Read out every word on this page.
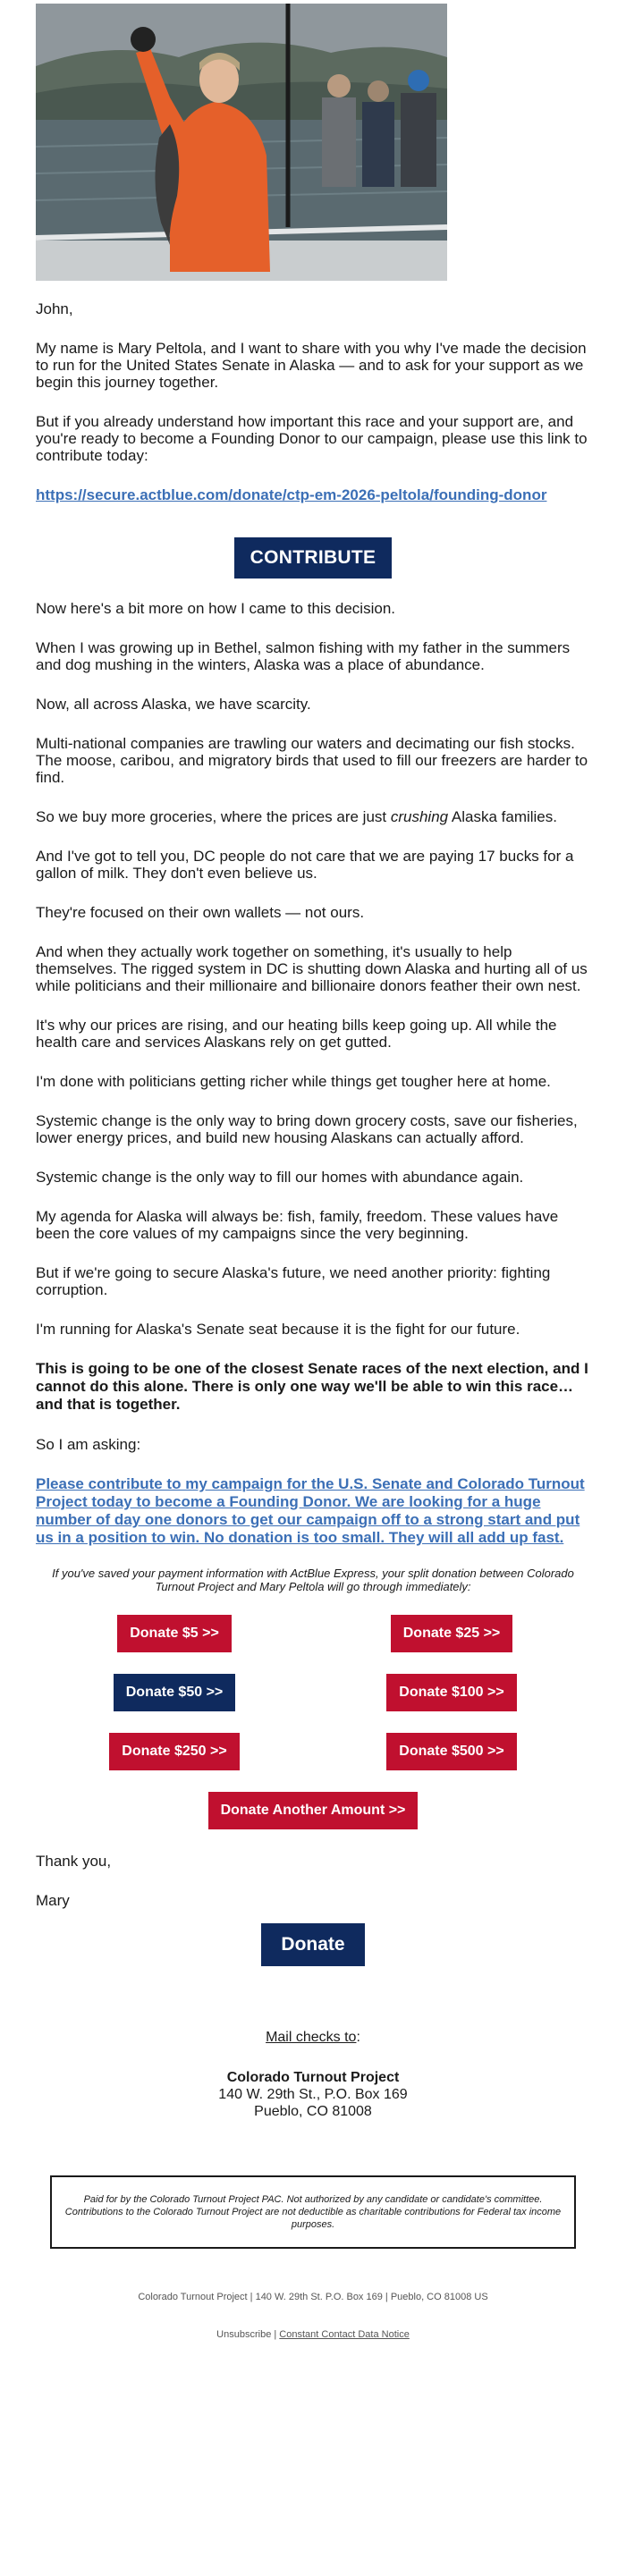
John,

My name is Mary Peltola, and I want to share with you why I've made the decision to run for the United States Senate in Alaska — and to ask for your support as we begin this journey together.

But if you already understand how important this race and your support are, and you're ready to become a Founding Donor to our campaign, please use this link to contribute today:

https://secure.actblue.com/donate/ctp-em-2026-peltola/founding-donor

CONTRIBUTE

Now here's a bit more on how I came to this decision.

When I was growing up in Bethel, salmon fishing with my father in the summers and dog mushing in the winters, Alaska was a place of abundance.

Now, all across Alaska, we have scarcity.

Multi-national companies are trawling our waters and decimating our fish stocks. The moose, caribou, and migratory birds that used to fill our freezers are harder to find.

So we buy more groceries, where the prices are just crushing Alaska families.

And I've got to tell you, DC people do not care that we are paying 17 bucks for a gallon of milk. They don't even believe us.

They're focused on their own wallets — not ours.

And when they actually work together on something, it's usually to help themselves. The rigged system in DC is shutting down Alaska and hurting all of us while politicians and their millionaire and billionaire donors feather their own nest.

It's why our prices are rising, and our heating bills keep going up. All while the health care and services Alaskans rely on get gutted.

I'm done with politicians getting richer while things get tougher here at home.

Systemic change is the only way to bring down grocery costs, save our fisheries, lower energy prices, and build new housing Alaskans can actually afford.

Systemic change is the only way to fill our homes with abundance again.

My agenda for Alaska will always be: fish, family, freedom. These values have been the core values of my campaigns since the very beginning.

But if we're going to secure Alaska's future, we need another priority: fighting corruption.

I'm running for Alaska's Senate seat because it is the fight for our future.

This is going to be one of the closest Senate races of the next election, and I cannot do this alone. There is only one way we'll be able to win this race… and that is together.

So I am asking:

Please contribute to my campaign for the U.S. Senate and Colorado Turnout Project today to become a Founding Donor. We are looking for a huge number of day one donors to get our campaign off to a strong start and put us in a position to win. No donation is too small. They will all add up fast.

If you've saved your payment information with ActBlue Express, your split donation between Colorado Turnout Project and Mary Peltola will go through immediately:

Donate $5 >>	Donate $25 >>
Donate $50 >>	Donate $100 >>
Donate $250 >>	Donate $500 >>
Donate Another Amount >>

Thank you,

Mary

Donate
Mail checks to:
Colorado Turnout Project
140 W. 29th St., P.O. Box 169
Pueblo, CO 81008
Paid for by the Colorado Turnout Project PAC. Not authorized by any candidate or candidate's committee. Contributions to the Colorado Turnout Project are not deductible as charitable contributions for Federal tax income purposes.
Colorado Turnout Project | 140 W. 29th St. P.O. Box 169 | Pueblo, CO 81008 US
Unsubscribe | Constant Contact Data Notice
